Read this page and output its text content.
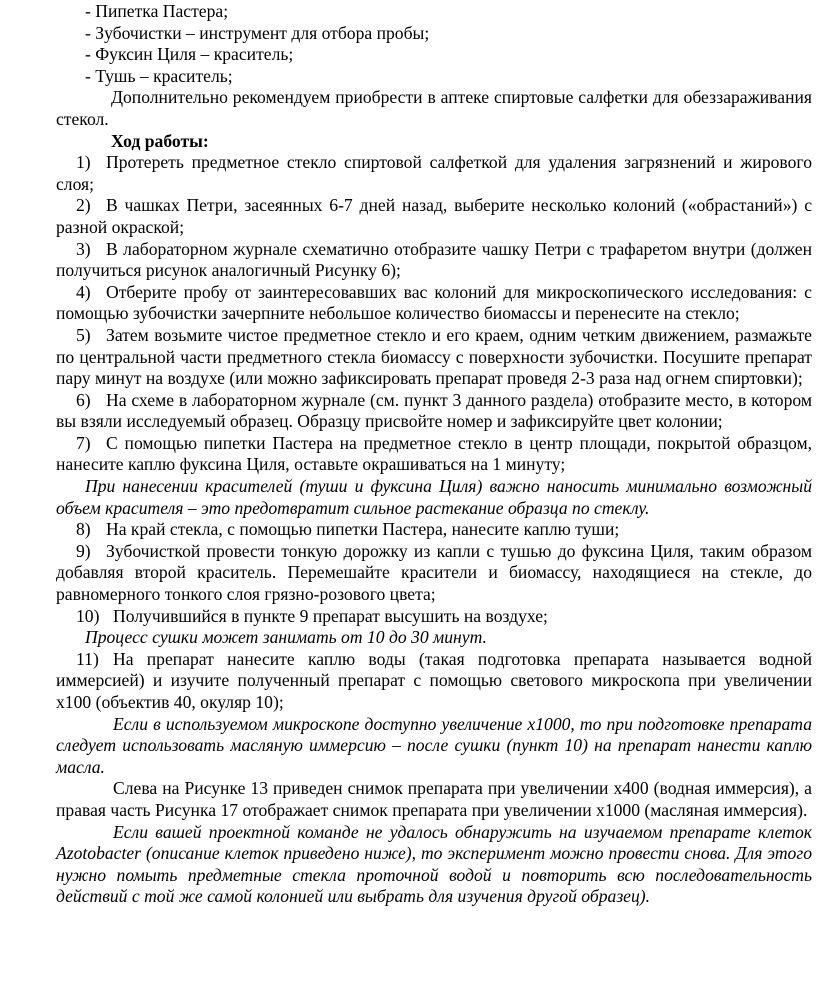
- Пипетка Пастера;

- Зубочистки – инструмент для отбора пробы;

- Фуксин Циля – краситель;

- Тушь – краситель;

Дополнительно рекомендуем приобрести в аптеке спиртовые салфетки для обеззараживания стекол.

Ход работы:

1) Протереть предметное стекло спиртовой салфеткой для удаления загрязнений и жирового слоя;

2) В чашках Петри, засеянных 6-7 дней назад, выберите несколько колоний («обрастаний») с разной окраской;

3) В лабораторном журнале схематично отобразите чашку Петри с трафаретом внутри (должен получиться рисунок аналогичный Рисунку 6);

4) Отберите пробу от заинтересовавших вас колоний для микроскопического исследования: с помощью зубочистки зачерпните небольшое количество биомассы и перенесите на стекло;

5) Затем возьмите чистое предметное стекло и его краем, одним четким движением, размажьте по центральной части предметного стекла биомассу с поверхности зубочистки. Посушите препарат пару минут на воздухе (или можно зафиксировать препарат проведя 2-3 раза над огнем спиртовки);

6) На схеме в лабораторном журнале (см. пункт 3 данного раздела) отобразите место, в котором вы взяли исследуемый образец. Образцу присвойте номер и зафиксируйте цвет колонии;

7) С помощью пипетки Пастера на предметное стекло в центр площади, покрытой образцом, нанесите каплю фуксина Циля, оставьте окрашиваться на 1 минуту;

При нанесении красителей (туши и фуксина Циля) важно наносить минимально возможный объем красителя – это предотвратит сильное растекание образца по стеклу.

8) На край стекла, с помощью пипетки Пастера, нанесите каплю туши;

9) Зубочисткой провести тонкую дорожку из капли с тушью до фуксина Циля, таким образом добавляя второй краситель. Перемешайте красители и биомассу, находящиеся на стекле, до равномерного тонкого слоя грязно-розового цвета;

10) Получившийся в пункте 9 препарат высушить на воздухе;

Процесс сушки может занимать от 10 до 30 минут.

11) На препарат нанесите каплю воды (такая подготовка препарата называется водной иммерсией) и изучите полученный препарат с помощью светового микроскопа при увеличении х100 (объектив 40, окуляр 10);

Если в используемом микроскопе доступно увеличение х1000, то при подготовке препарата следует использовать масляную иммерсию – после сушки (пункт 10) на препарат нанести каплю масла.

Слева на Рисунке 13 приведен снимок препарата при увеличении х400 (водная иммерсия), а правая часть Рисунка 17 отображает снимок препарата при увеличении х1000 (масляная иммерсия).

Если вашей проектной команде не удалось обнаружить на изучаемом препарате клеток Azotobacter (описание клеток приведено ниже), то эксперимент можно провести снова. Для этого нужно помыть предметные стекла проточной водой и повторить всю последовательность действий с той же самой колонией или выбрать для изучения другой образец).
